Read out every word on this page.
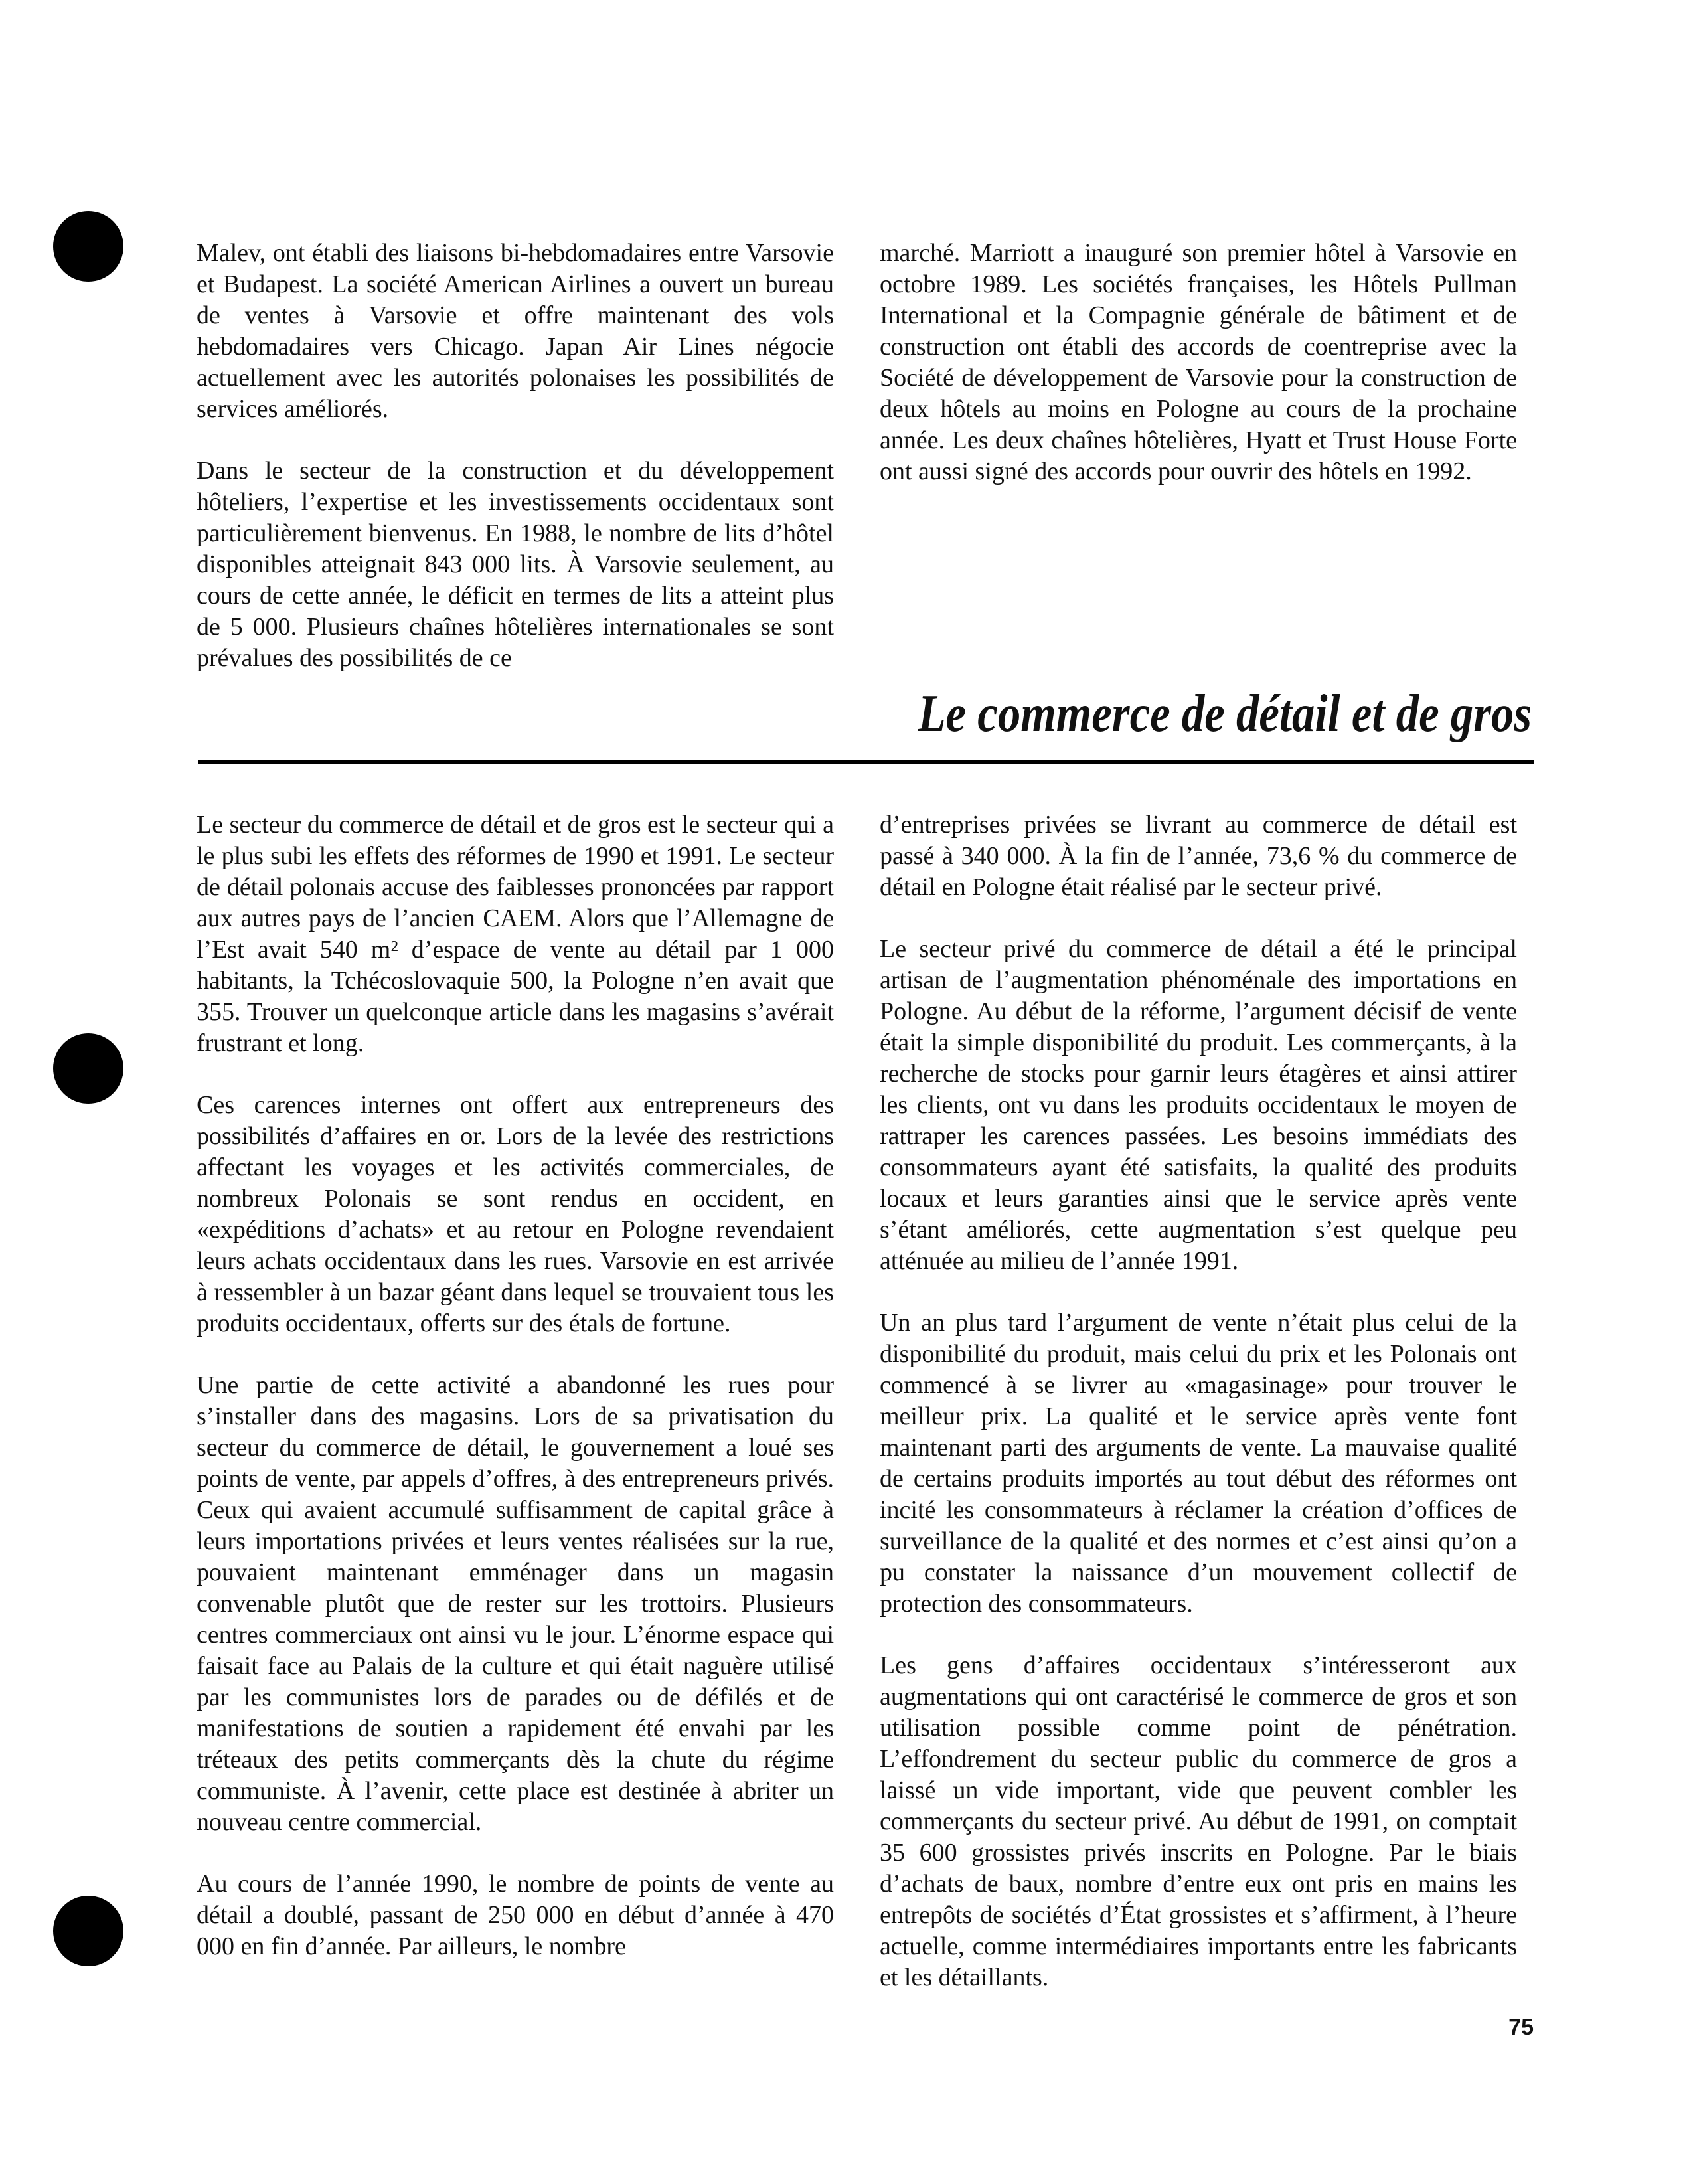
Malev, ont établi des liaisons bi-hebdomadaires entre Varsovie et Budapest. La société American Airlines a ouvert un bureau de ventes à Varsovie et offre maintenant des vols hebdomadaires vers Chicago. Japan Air Lines négocie actuellement avec les autorités polonaises les possibilités de services améliorés.

Dans le secteur de la construction et du développement hôteliers, l’expertise et les investissements occidentaux sont particulièrement bienvenus. En 1988, le nombre de lits d’hôtel disponibles atteignait 843 000 lits. À Varsovie seulement, au cours de cette année, le déficit en termes de lits a atteint plus de 5 000. Plusieurs chaînes hôtelières internationales se sont prévalues des possibilités de ce

marché. Marriott a inauguré son premier hôtel à Varsovie en octobre 1989. Les sociétés françaises, les Hôtels Pullman International et la Compagnie générale de bâtiment et de construction ont établi des accords de coentreprise avec la Société de développement de Varsovie pour la construction de deux hôtels au moins en Pologne au cours de la prochaine année. Les deux chaînes hôtelières, Hyatt et Trust House Forte ont aussi signé des accords pour ouvrir des hôtels en 1992.

Le commerce de détail et de gros

Le secteur du commerce de détail et de gros est le secteur qui a le plus subi les effets des réformes de 1990 et 1991. Le secteur de détail polonais accuse des faiblesses prononcées par rapport aux autres pays de l’ancien CAEM. Alors que l’Allemagne de l’Est avait 540 m² d’espace de vente au détail par 1 000 habitants, la Tchécoslovaquie 500, la Pologne n’en avait que 355. Trouver un quelconque article dans les magasins s’avérait frustrant et long.

Ces carences internes ont offert aux entrepreneurs des possibilités d’affaires en or. Lors de la levée des restrictions affectant les voyages et les activités commerciales, de nombreux Polonais se sont rendus en occident, en «expéditions d’achats» et au retour en Pologne revendaient leurs achats occidentaux dans les rues. Varsovie en est arrivée à ressembler à un bazar géant dans lequel se trouvaient tous les produits occidentaux, offerts sur des étals de fortune.

Une partie de cette activité a abandonné les rues pour s’installer dans des magasins. Lors de sa privatisation du secteur du commerce de détail, le gouvernement a loué ses points de vente, par appels d’offres, à des entrepreneurs privés. Ceux qui avaient accumulé suffisamment de capital grâce à leurs importations privées et leurs ventes réalisées sur la rue, pouvaient maintenant emménager dans un magasin convenable plutôt que de rester sur les trottoirs. Plusieurs centres commerciaux ont ainsi vu le jour. L’énorme espace qui faisait face au Palais de la culture et qui était naguère utilisé par les communistes lors de parades ou de défilés et de manifestations de soutien a rapidement été envahi par les tréteaux des petits commerçants dès la chute du régime communiste. À l’avenir, cette place est destinée à abriter un nouveau centre commercial.

Au cours de l’année 1990, le nombre de points de vente au détail a doublé, passant de 250 000 en début d’année à 470 000 en fin d’année. Par ailleurs, le nombre

d’entreprises privées se livrant au commerce de détail est passé à 340 000. À la fin de l’année, 73,6 % du commerce de détail en Pologne était réalisé par le secteur privé.

Le secteur privé du commerce de détail a été le principal artisan de l’augmentation phénoménale des importations en Pologne. Au début de la réforme, l’argument décisif de vente était la simple disponibilité du produit. Les commerçants, à la recherche de stocks pour garnir leurs étagères et ainsi attirer les clients, ont vu dans les produits occidentaux le moyen de rattraper les carences passées. Les besoins immédiats des consommateurs ayant été satisfaits, la qualité des produits locaux et leurs garanties ainsi que le service après vente s’étant améliorés, cette augmentation s’est quelque peu atténuée au milieu de l’année 1991.

Un an plus tard l’argument de vente n’était plus celui de la disponibilité du produit, mais celui du prix et les Polonais ont commencé à se livrer au «magasinage» pour trouver le meilleur prix. La qualité et le service après vente font maintenant parti des arguments de vente. La mauvaise qualité de certains produits importés au tout début des réformes ont incité les consommateurs à réclamer la création d’offices de surveillance de la qualité et des normes et c’est ainsi qu’on a pu constater la naissance d’un mouvement collectif de protection des consommateurs.

Les gens d’affaires occidentaux s’intéresseront aux augmentations qui ont caractérisé le commerce de gros et son utilisation possible comme point de pénétration. L’effondrement du secteur public du commerce de gros a laissé un vide important, vide que peuvent combler les commerçants du secteur privé. Au début de 1991, on comptait 35 600 grossistes privés inscrits en Pologne. Par le biais d’achats de baux, nombre d’entre eux ont pris en mains les entrepôts de sociétés d’État grossistes et s’affirment, à l’heure actuelle, comme intermédiaires importants entre les fabricants et les détaillants.

75
